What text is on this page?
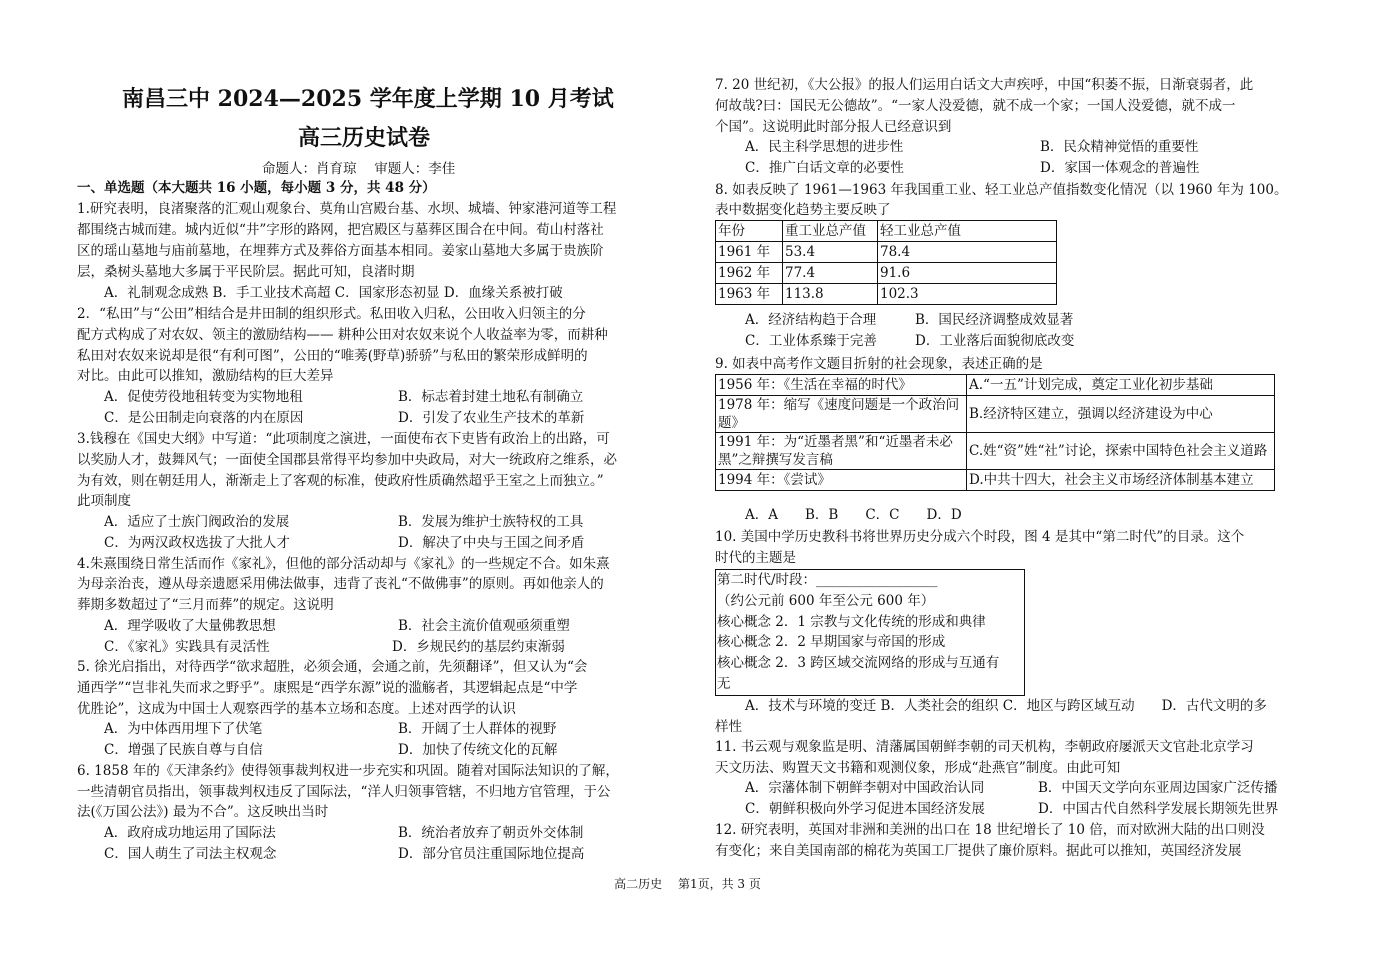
南昌三中 2024—2025 学年度上学期 10 月考试
高三历史试卷
命题人：肖育琼　 审题人：李佳
一、单选题（本大题共 16 小题，每小题 3 分，共 48 分）
1.研究表明，良渚聚落的汇观山观象台、莫角山宫殿台基、水坝、城墙、钟家港河道等工程
都围绕古城而建。城内近似“井”字形的路网，把宫殿区与墓葬区围合在中间。荀山村落社
区的瑶山墓地与庙前墓地，在埋葬方式及葬俗方面基本相同。姜家山墓地大多属于贵族阶
层，桑树头墓地大多属于平民阶层。据此可知，良渚时期
A．礼制观念成熟 B．手工业技术高超 C．国家形态初显 D．血缘关系被打破
2．“私田”与“公田”相结合是井田制的组织形式。私田收入归私，公田收入归领主的分
配方式构成了对农奴、领主的激励结构—— 耕种公田对农奴来说个人收益率为零，而耕种
私田对农奴来说却是很“有利可图”，公田的“唯莠(野草)骄骄”与私田的繁荣形成鲜明的
对比。由此可以推知，激励结构的巨大差异
A．促使劳役地租转变为实物地租	B．标志着封建土地私有制确立
C．是公田制走向衰落的内在原因	D．引发了农业生产技术的革新
3.钱穆在《国史大纲》中写道：“此项制度之演进，一面使布衣下吏皆有政治上的出路，可
以奖励人才，鼓舞风气；一面使全国郡县常得平均参加中央政局，对大一统政府之维系，必
为有效，则在朝廷用人，渐渐走上了客观的标准，使政府性质确然超乎王室之上而独立。”
此项制度
A．适应了士族门阀政治的发展	B．发展为维护士族特权的工具
C．为两汉政权选拔了大批人才	D．解决了中央与王国之间矛盾
4.朱熹围绕日常生活而作《家礼》，但他的部分活动却与《家礼》的一些规定不合。如朱熹
为母亲治丧，遵从母亲遗愿采用佛法做事，违背了丧礼“不做佛事”的原则。再如他亲人的
葬期多数超过了“三月而葬”的规定。这说明
A．理学吸收了大量佛教思想	B．社会主流价值观亟须重塑
C．《家礼》实践具有灵活性	D．乡规民约的基层约束渐弱
5. 徐光启指出，对待西学“欲求超胜，必须会通，会通之前，先须翻译”，但又认为“会
通西学”“岂非礼失而求之野乎”。康熙是“西学东源”说的滥觞者，其逻辑起点是“中学
优胜论”，这成为中国士人观察西学的基本立场和态度。上述对西学的认识
A．为中体西用埋下了伏笔	B．开阔了士人群体的视野
C．增强了民族自尊与自信	D．加快了传统文化的瓦解
6. 1858 年的《天津条约》使得领事裁判权进一步充实和巩固。随着对国际法知识的了解，
一些清朝官员指出，领事裁判权违反了国际法，“洋人归领事管辖，不归地方官管理，于公
法(《万国公法》) 最为不合”。这反映出当时
A．政府成功地运用了国际法	B．统治者放弃了朝贡外交体制
C．国人萌生了司法主权观念	D．部分官员注重国际地位提高
7. 20 世纪初，《大公报》的报人们运用白话文大声疾呼，中国“积萎不振，日渐衰弱者，此
何故哉?曰：国民无公德故”。“一家人没爱德，就不成一个家；一国人没爱德，就不成一
个国”。这说明此时部分报人已经意识到
A．民主科学思想的进步性	B．民众精神觉悟的重要性
C．推广白话文章的必要性	D．家国一体观念的普遍性
8. 如表反映了 1961—1963 年我国重工业、轻工业总产值指数变化情况（以 1960 年为 100。
表中数据变化趋势主要反映了
年份	重工业总产值	轻工业总产值
1961 年	53.4	78.4
1962 年	77.4	91.6
1963 年	113.8	102.3
A．经济结构趋于合理	B．国民经济调整成效显著
C．工业体系臻于完善	D．工业落后面貌彻底改变
9. 如表中高考作文题目折射的社会现象，表述正确的是
1956 年：《生活在幸福的时代》	A.“一五”计划完成，奠定工业化初步基础
1978 年：缩写《速度问题是一个政治问题》	B.经济特区建立，强调以经济建设为中心
1991 年：为“近墨者黑”和“近墨者未必黑”之辩撰写发言稿	C.姓“资”姓“社”讨论，探索中国特色社会主义道路
1994 年：《尝试》	D.中共十四大，社会主义市场经济体制基本建立
A．A　　B．B　　C．C　　D．D
10. 美国中学历史教科书将世界历史分成六个时段，图 4 是其中“第二时代”的目录。这个
时代的主题是
第二时代/时段：__________________
（约公元前 600 年至公元 600 年）
核心概念 2．1 宗教与文化传统的形成和典律
核心概念 2．2 早期国家与帝国的形成
核心概念 2．3 跨区域交流网络的形成与互通有
无
A．技术与环境的变迁 B．人类社会的组织 C．地区与跨区域互动　　D．古代文明的多
样性
11. 书云观与观象监是明、清藩属国朝鲜李朝的司天机构，李朝政府屡派天文官赴北京学习
天文历法、购置天文书籍和观测仪象，形成“赴燕官”制度。由此可知
A．宗藩体制下朝鲜李朝对中国政治认同	B．中国天文学向东亚周边国家广泛传播
C．朝鲜积极向外学习促进本国经济发展	D．中国古代自然科学发展长期领先世界
12. 研究表明，英国对非洲和美洲的出口在 18 世纪增长了 10 倍，而对欧洲大陆的出口则没
有变化；来自美国南部的棉花为英国工厂提供了廉价原料。据此可以推知，英国经济发展
高二历史　 第1页，共 3 页
